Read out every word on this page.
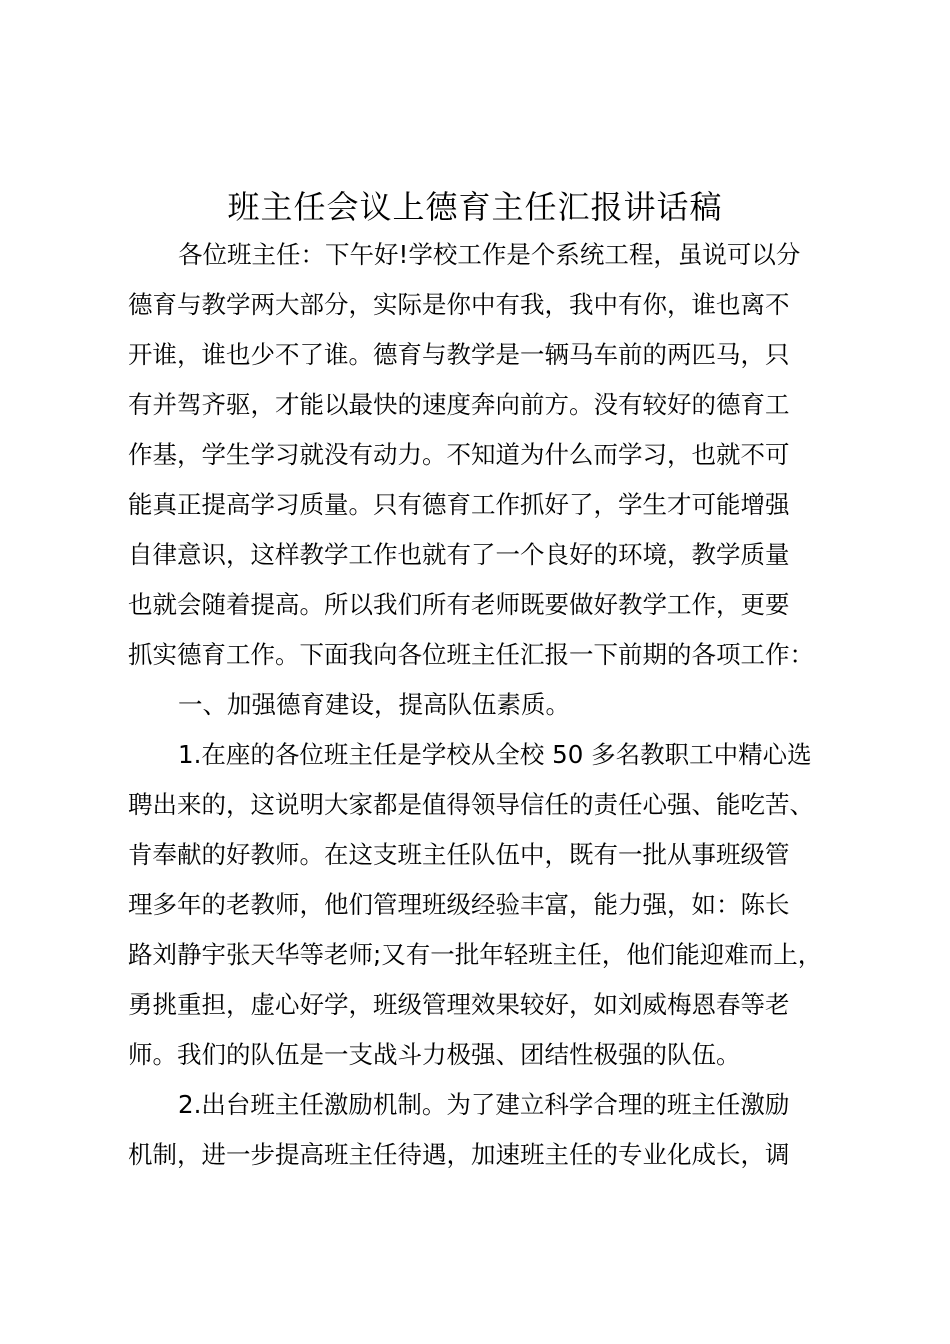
班主任会议上德育主任汇报讲话稿
各位班主任：下午好!学校工作是个系统工程，虽说可以分
德育与教学两大部分，实际是你中有我，我中有你，谁也离不
开谁，谁也少不了谁。德育与教学是一辆马车前的两匹马，只
有并驾齐驱，才能以最快的速度奔向前方。没有较好的德育工
作基，学生学习就没有动力。不知道为什么而学习，也就不可
能真正提高学习质量。只有德育工作抓好了，学生才可能增强
自律意识，这样教学工作也就有了一个良好的环境，教学质量
也就会随着提高。所以我们所有老师既要做好教学工作，更要
抓实德育工作。下面我向各位班主任汇报一下前期的各项工作：
一、加强德育建设，提高队伍素质。
1.在座的各位班主任是学校从全校 50 多名教职工中精心选
聘出来的，这说明大家都是值得领导信任的责任心强、能吃苦、
肯奉献的好教师。在这支班主任队伍中，既有一批从事班级管
理多年的老教师，他们管理班级经验丰富，能力强，如：陈长
路刘静宇张天华等老师;又有一批年轻班主任，他们能迎难而上，
勇挑重担，虚心好学，班级管理效果较好，如刘威梅恩春等老
师。我们的队伍是一支战斗力极强、团结性极强的队伍。
2.出台班主任激励机制。为了建立科学合理的班主任激励
机制，进一步提高班主任待遇，加速班主任的专业化成长，调
